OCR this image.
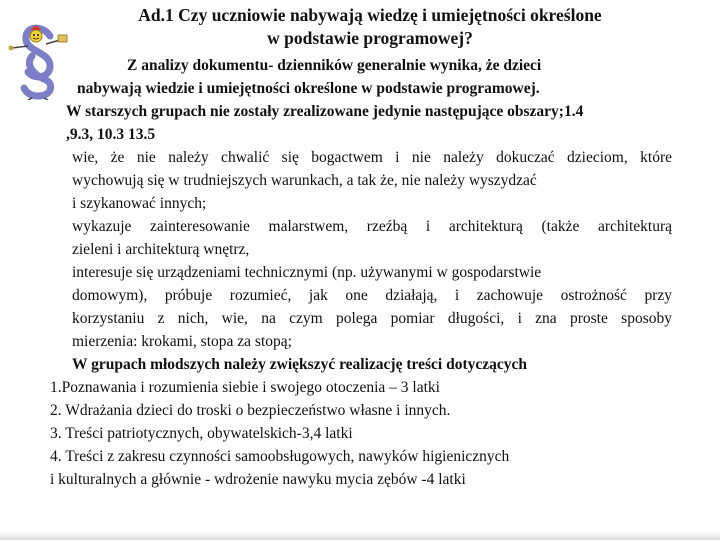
Ad.1 Czy uczniowie nabywają wiedzę i umiejętności określone
w podstawie programowej?
Z analizy dokumentu- dzienników generalnie wynika, że dzieci
nabywają wiedzie i umiejętności określone w podstawie programowej.
W starszych grupach nie zostały zrealizowane jedynie następujące obszary;1.4
,9.3, 10.3 13.5
wie, że nie należy chwalić się bogactwem i nie należy dokuczać dzieciom, które
wychowują się w trudniejszych warunkach, a tak że, nie należy wyszydzać
i szykanować innych;
wykazuje zainteresowanie malarstwem, rzeźbą i architekturą (także architekturą
zieleni i architekturą wnętrz,
interesuje się urządzeniami technicznymi (np. używanymi w gospodarstwie
domowym), próbuje rozumieć, jak one działają, i zachowuje ostrożność przy
korzystaniu z nich, wie, na czym polega pomiar długości, i zna proste sposoby
mierzenia: krokami, stopa za stopą;
W grupach młodszych należy zwiększyć realizację treści dotyczących
1.Poznawania i rozumienia siebie i swojego otoczenia – 3 latki
2. Wdrażania dzieci do troski o bezpieczeństwo własne i innych.
3. Treści patriotycznych, obywatelskich-3,4 latki
4. Treści z zakresu czynności samoobsługowych, nawyków higienicznych
i kulturalnych a głównie - wdrożenie nawyku mycia zębów -4 latki
